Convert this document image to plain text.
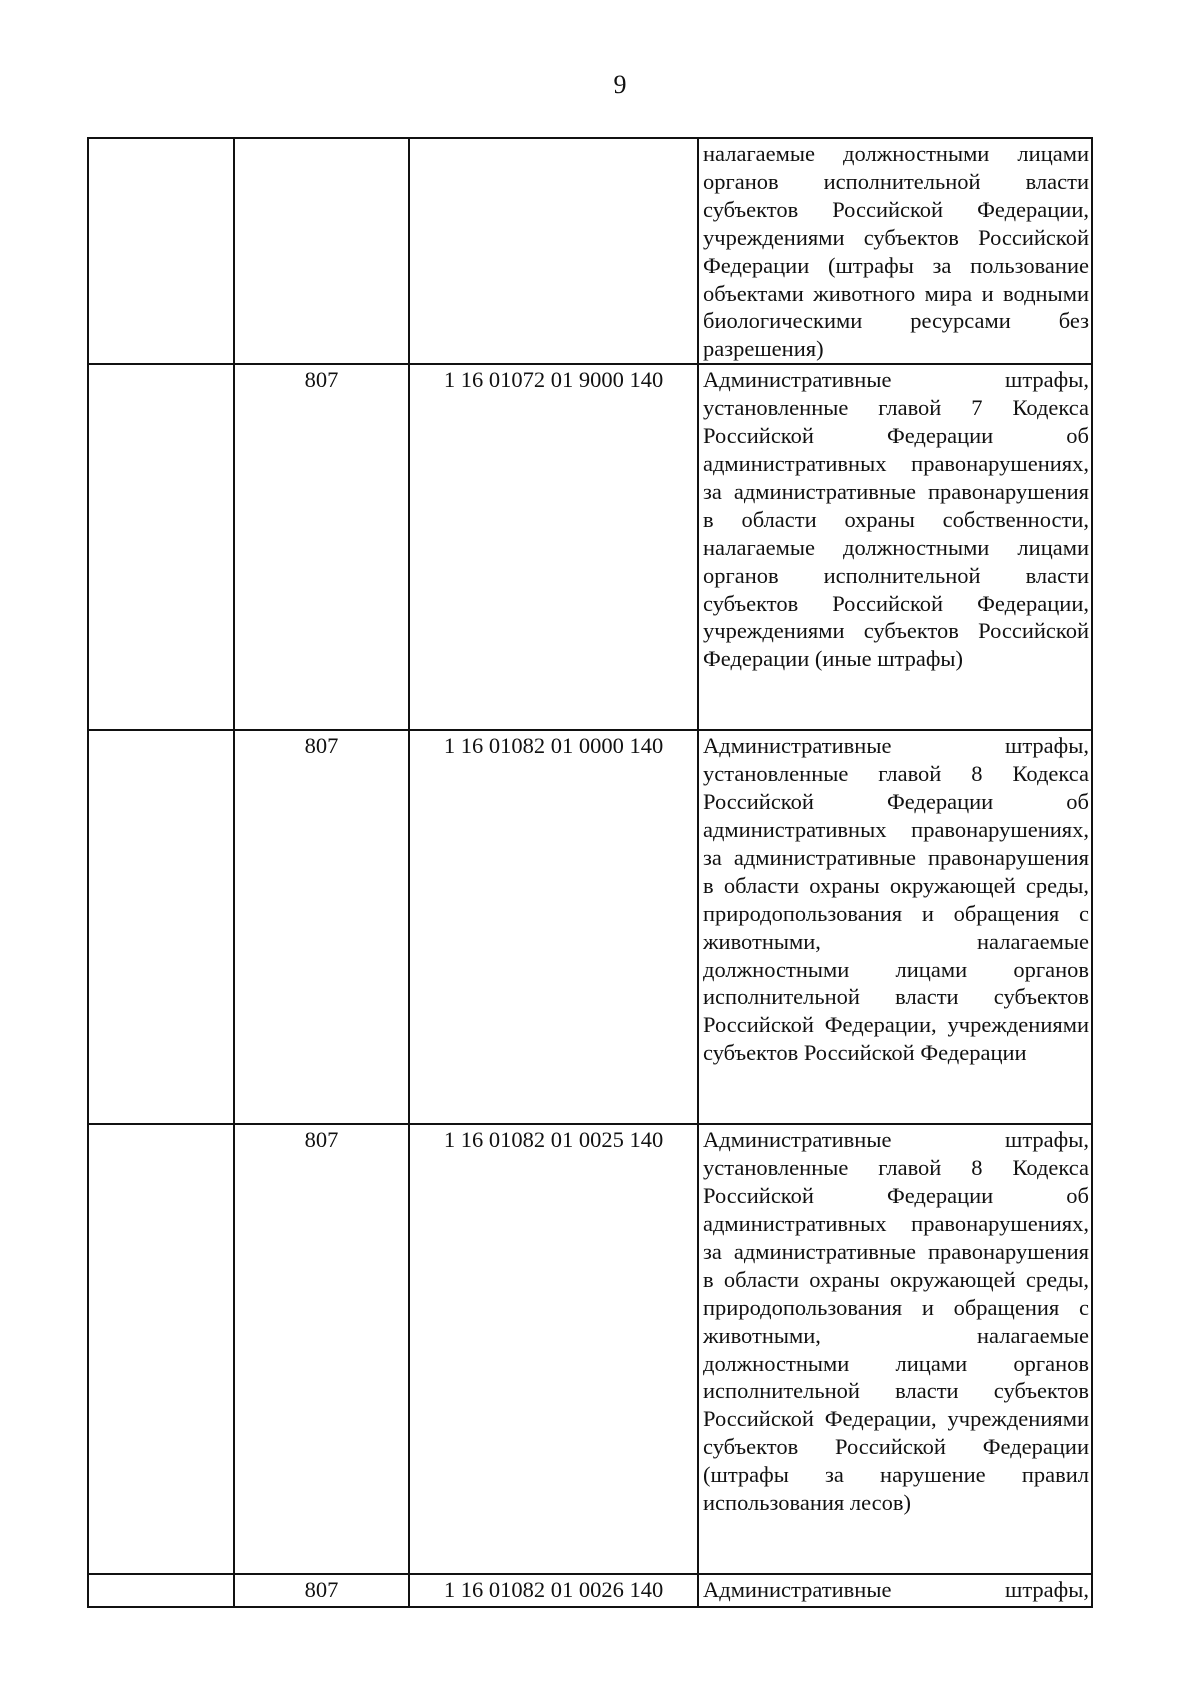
9

			налагаемые должностными лицами органов исполнительной власти субъектов Российской Федерации, учреждениями субъектов Российской Федерации (штрафы за пользование объектами животного мира и водными биологическими ресурсами без разрешения)

	807	1 16 01072 01 9000 140	Административные штрафы, установленные главой 7 Кодекса Российской Федерации об административных правонарушениях, за административные правонарушения в области охраны собственности, налагаемые должностными лицами органов исполнительной власти субъектов Российской Федерации, учреждениями субъектов Российской Федерации (иные штрафы)

	807	1 16 01082 01 0000 140	Административные штрафы, установленные главой 8 Кодекса Российской Федерации об административных правонарушениях, за административные правонарушения в области охраны окружающей среды, природопользования и обращения с животными, налагаемые должностными лицами органов исполнительной власти субъектов Российской Федерации, учреждениями субъектов Российской Федерации

	807	1 16 01082 01 0025 140	Административные штрафы, установленные главой 8 Кодекса Российской Федерации об административных правонарушениях, за административные правонарушения в области охраны окружающей среды, природопользования и обращения с животными, налагаемые должностными лицами органов исполнительной власти субъектов Российской Федерации, учреждениями субъектов Российской Федерации (штрафы за нарушение правил использования лесов)

	807	1 16 01082 01 0026 140	Административные штрафы,
